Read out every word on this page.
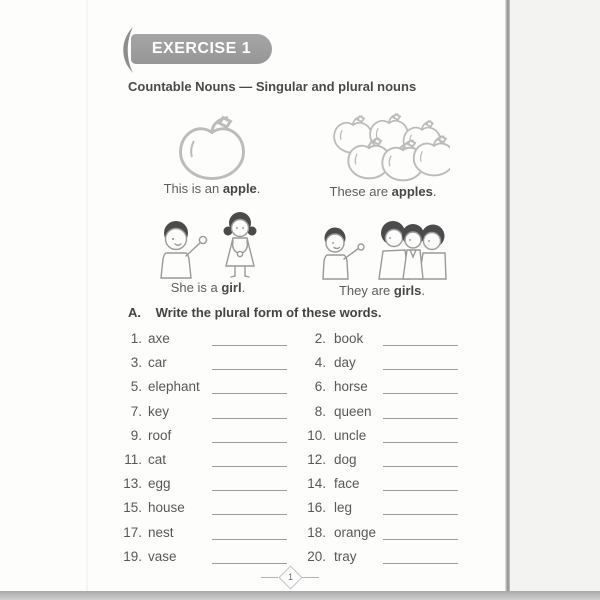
EXERCISE 1
Countable Nouns — Singular and plural nouns
This is an apple.	These are apples.
She is a girl.	They are girls.
A. Write the plural form of these words.
1. axe	2. book
3. car	4. day
5. elephant	6. horse
7. key	8. queen
9. roof	10. uncle
11. cat	12. dog
13. egg	14. face
15. house	16. leg
17. nest	18. orange
19. vase	20. tray
1
